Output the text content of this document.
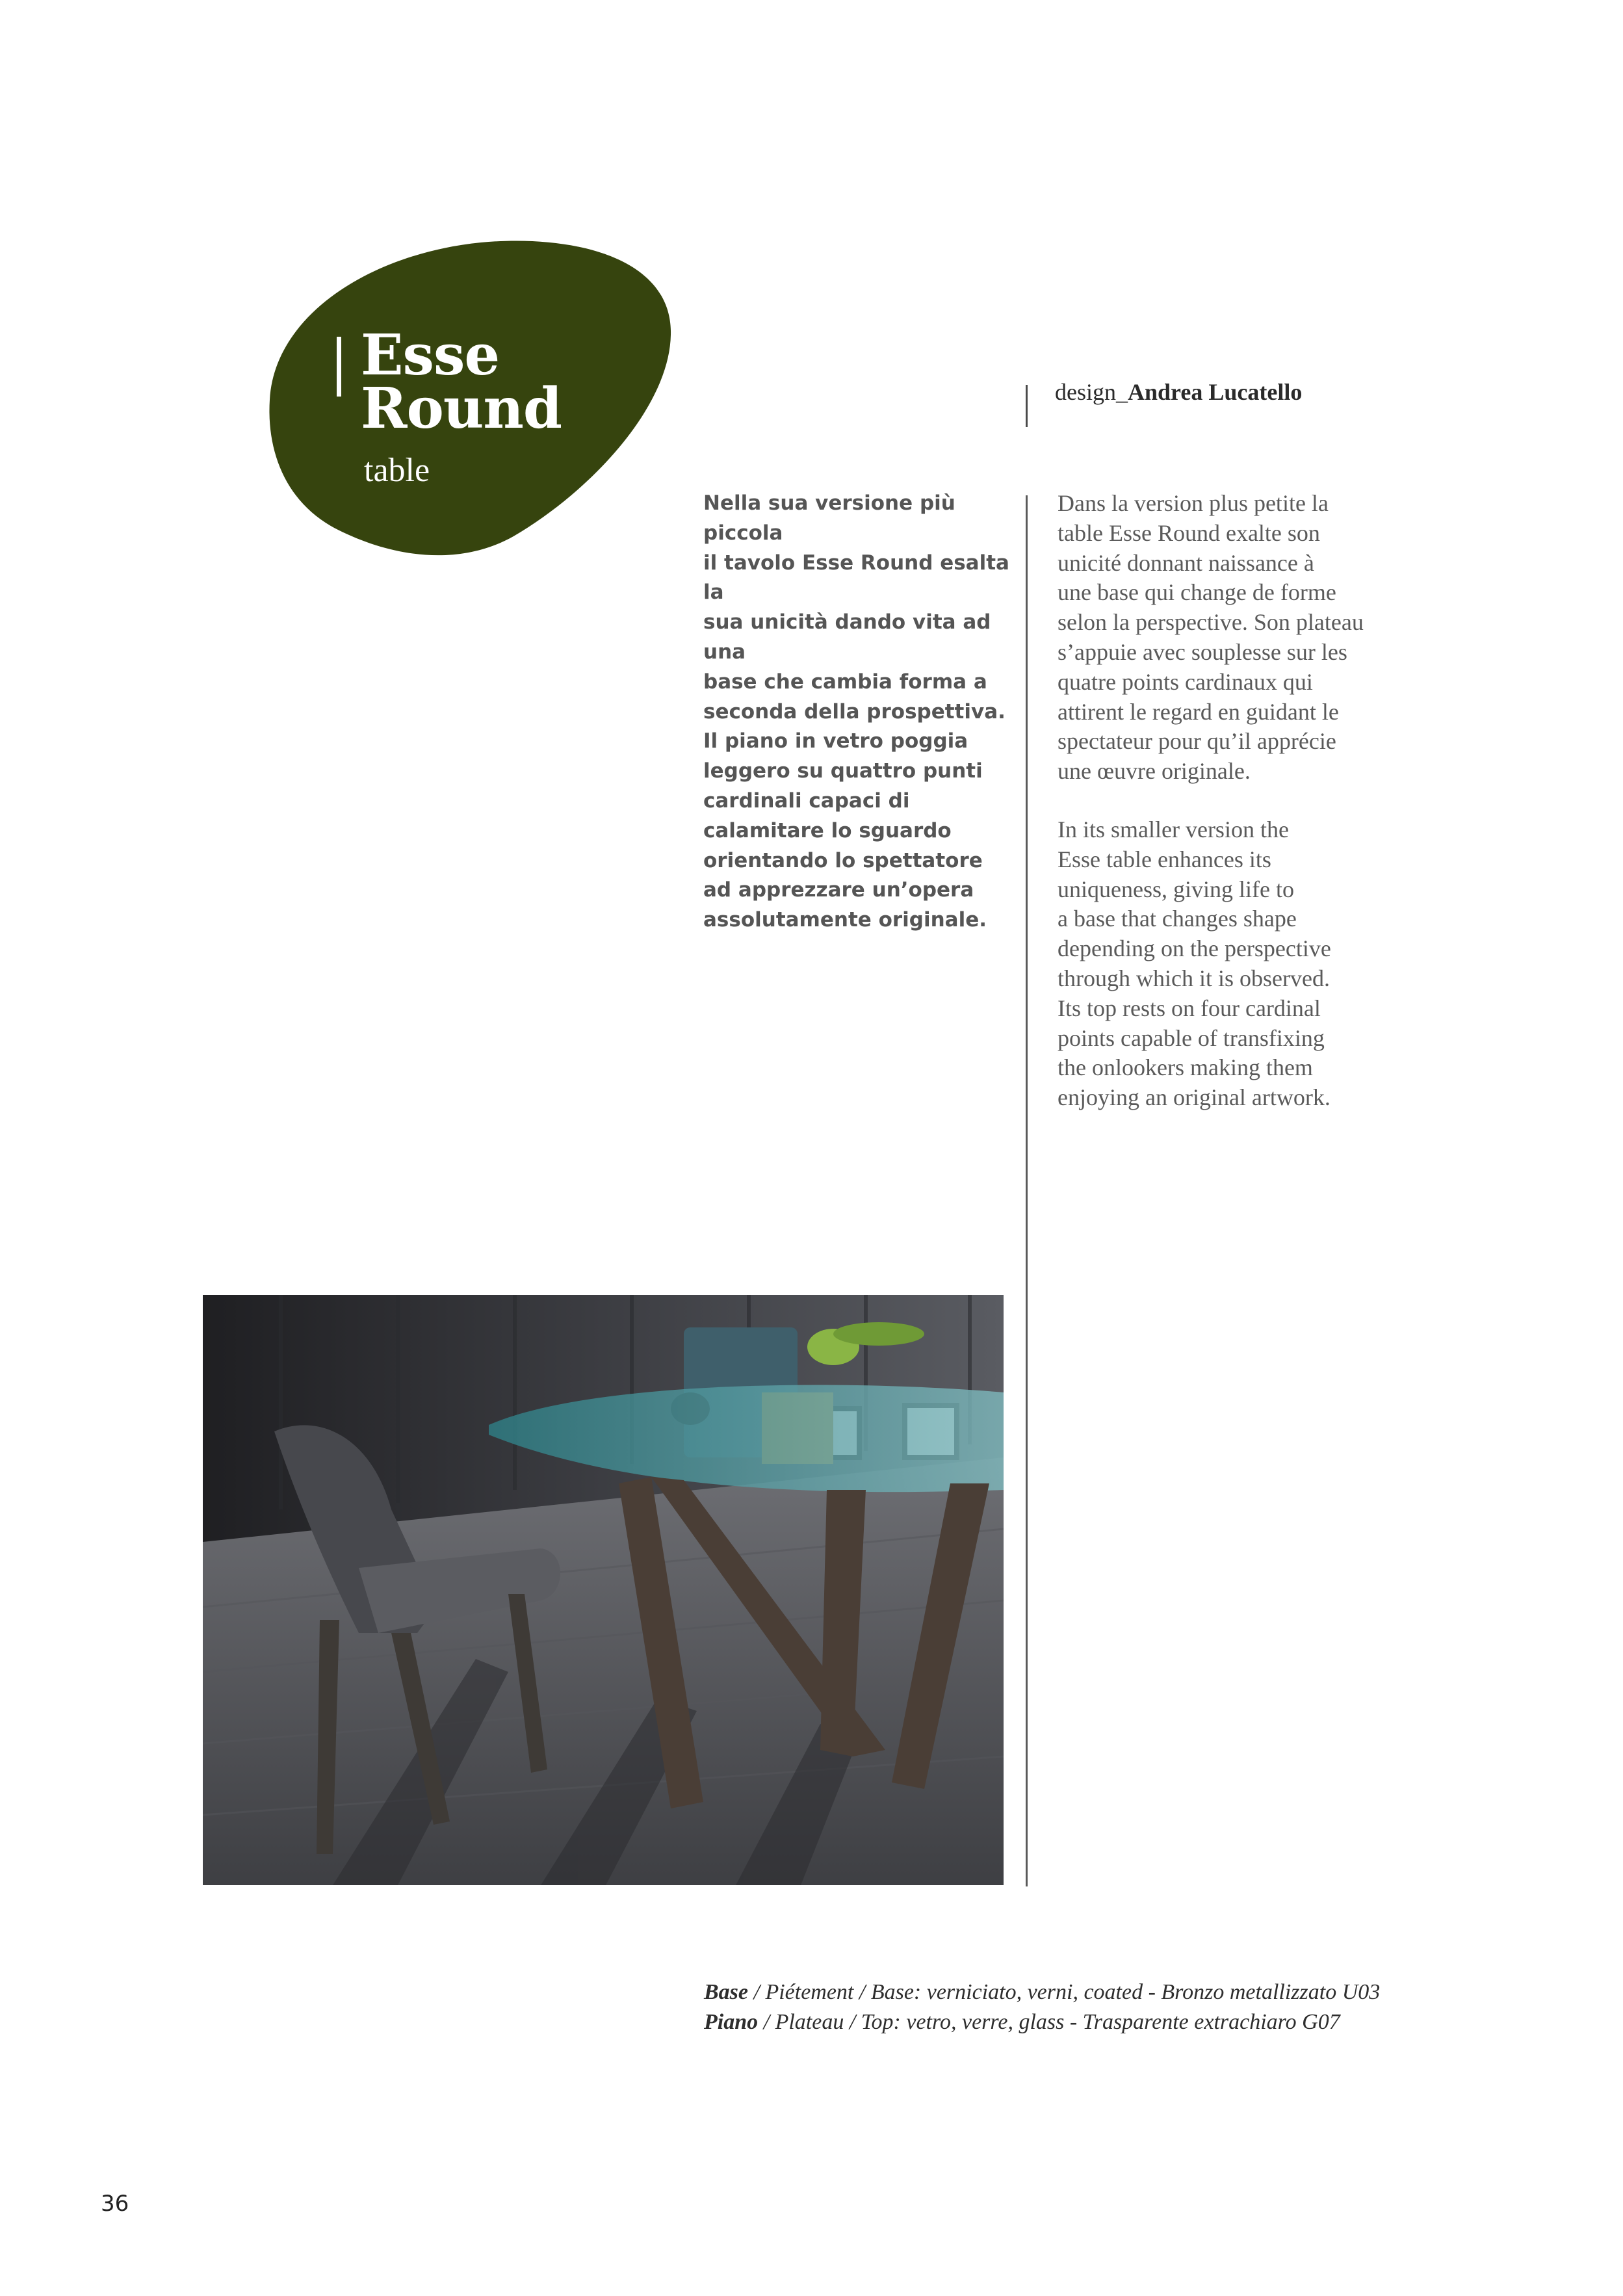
Esse
Round
table
design_Andrea Lucatello

Nella sua versione più piccola
il tavolo Esse Round esalta la
sua unicità dando vita ad una
base che cambia forma a
seconda della prospettiva.
Il piano in vetro poggia
leggero su quattro punti
cardinali capaci di
calamitare lo sguardo
orientando lo spettatore
ad apprezzare un’opera
assolutamente originale.

Dans la version plus petite la
table Esse Round exalte son
unicité donnant naissance à
une base qui change de forme
selon la perspective. Son plateau
s’appuie avec souplesse sur les
quatre points cardinaux qui
attirent le regard en guidant le
spectateur pour qu’il apprécie
une œuvre originale.

In its smaller version the
Esse table enhances its
uniqueness, giving life to
a base that changes shape
depending on the perspective
through which it is observed.
Its top rests on four cardinal
points capable of transfixing
the onlookers making them
enjoying an original artwork.

Base / Piétement / Base: verniciato, verni, coated - Bronzo metallizzato U03
Piano / Plateau / Top: vetro, verre, glass - Trasparente extrachiaro G07
36
